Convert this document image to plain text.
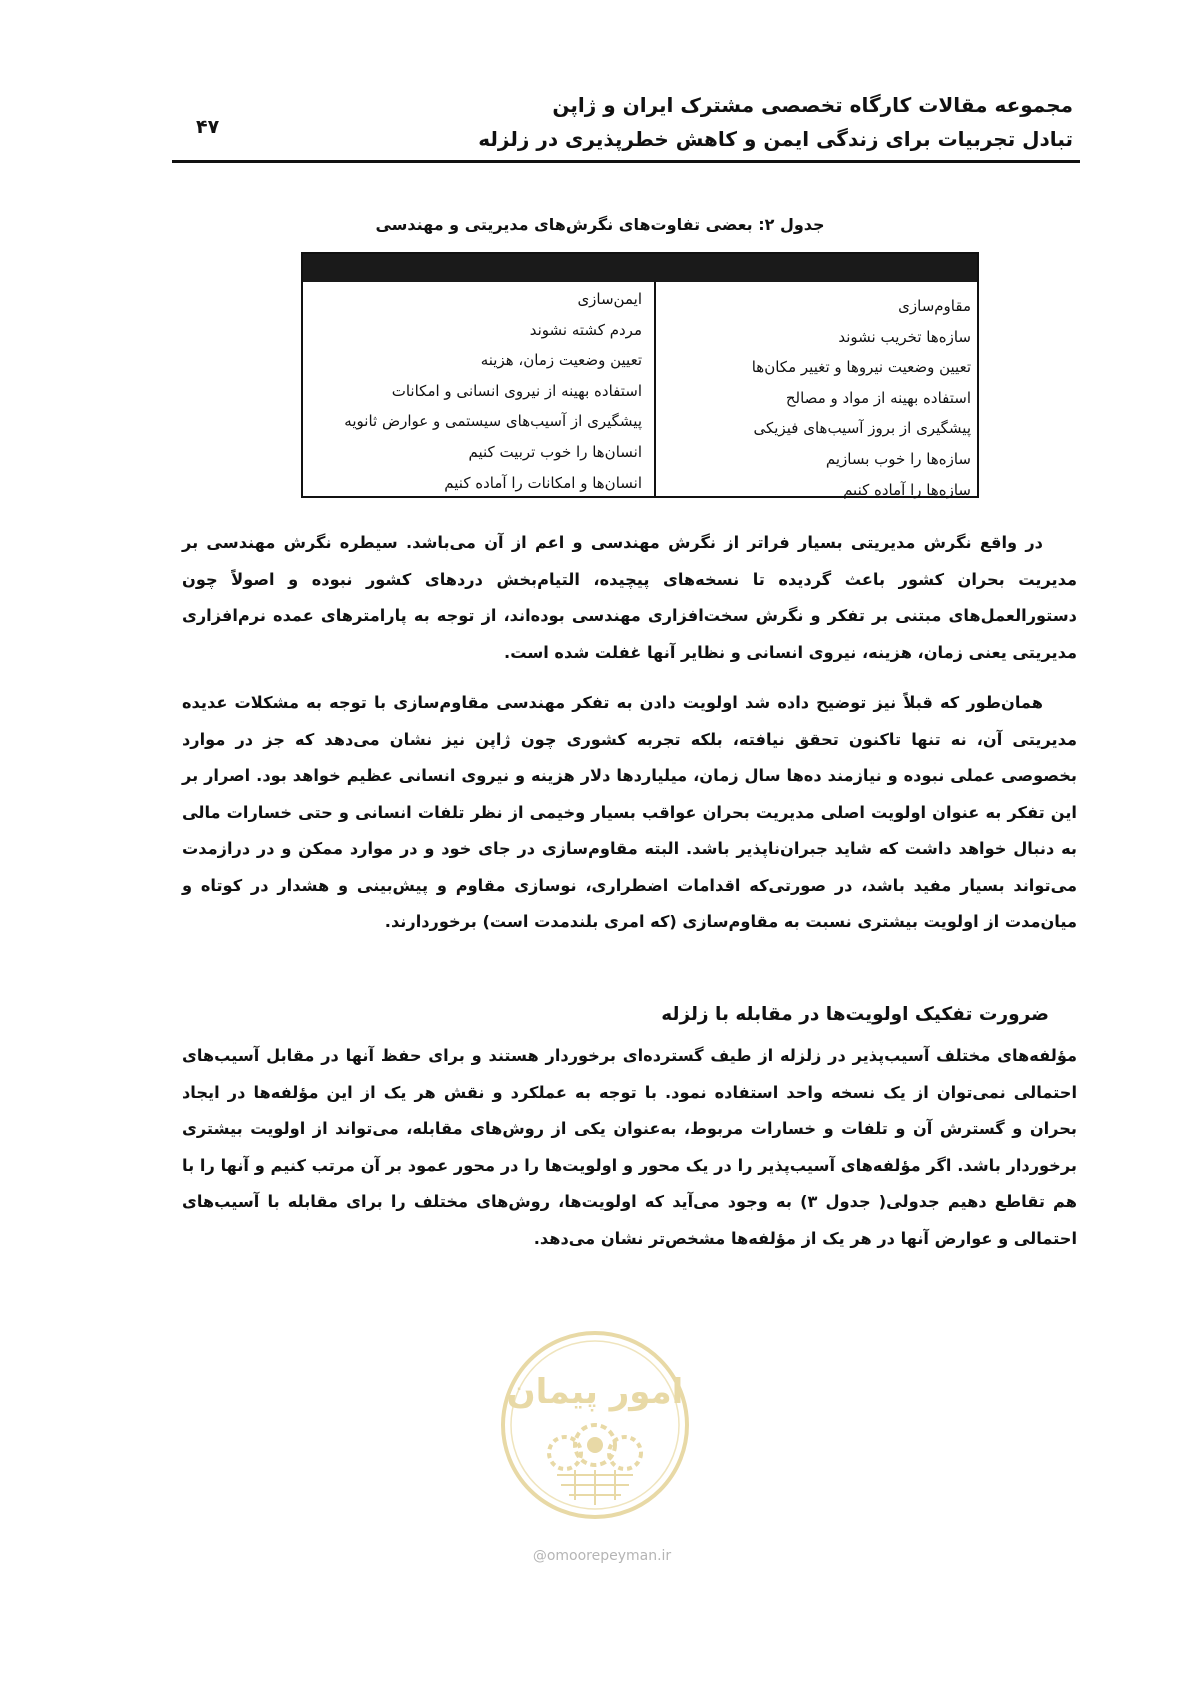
مجموعه مقالات کارگاه تخصصی مشترک ایران و ژاپن
تبادل تجربیات برای زندگی ایمن و کاهش خطرپذیری در زلزله
۴۷
جدول ۲: بعضی تفاوت‌های نگرش‌های مدیریتی و مهندسی
مقاوم‌سازی
سازه‌ها تخریب نشوند
تعیین وضعیت نیروها و تغییر مکان‌ها
استفاده بهینه از مواد و مصالح
پیشگیری از بروز آسیب‌های فیزیکی
سازه‌ها را خوب بسازیم
سازه‌ها را آماده کنیم
ایمن‌سازی
مردم کشته نشوند
تعیین وضعیت زمان، هزینه
استفاده بهینه از نیروی انسانی و امکانات
پیشگیری از آسیب‌های سیستمی و عوارض ثانویه
انسان‌ها را خوب تربیت کنیم
انسان‌ها و امکانات را آماده کنیم

در واقع نگرش مدیریتی بسیار فراتر از نگرش مهندسی و اعم از آن می‌باشد. سیطره نگرش مهندسی بر مدیریت بحران کشور باعث گردیده تا نسخه‌های پیچیده، التیام‌بخش دردهای کشور نبوده و اصولاً چون دستورالعمل‌های مبتنی بر تفکر و نگرش سخت‌افزاری مهندسی بوده‌اند، از توجه به پارامترهای عمده نرم‌افزاری مدیریتی یعنی زمان، هزینه، نیروی انسانی و نظایر آنها غفلت شده است.

همان‌طور که قبلاً نیز توضیح داده شد اولویت دادن به تفکر مهندسی مقاوم‌سازی با توجه به مشکلات عدیده مدیریتی آن، نه تنها تاکنون تحقق نیافته، بلکه تجربه کشوری چون ژاپن نیز نشان می‌دهد که جز در موارد بخصوصی عملی نبوده و نیازمند ده‌ها سال زمان، میلیاردها دلار هزینه و نیروی انسانی عظیم خواهد بود. اصرار بر این تفکر به عنوان اولویت اصلی مدیریت بحران عواقب بسیار وخیمی از نظر تلفات انسانی و حتی خسارات مالی به دنبال خواهد داشت که شاید جبران‌ناپذیر باشد. البته مقاوم‌سازی در جای خود و در موارد ممکن و در درازمدت می‌تواند بسیار مفید باشد، در صورتی‌که اقدامات اضطراری، نوسازی مقاوم و پیش‌بینی و هشدار در کوتاه و میان‌مدت از اولویت بیشتری نسبت به مقاوم‌سازی (که امری بلندمدت است) برخوردارند.

ضرورت تفکیک اولویت‌ها در مقابله با زلزله

مؤلفه‌های مختلف آسیب‌پذیر در زلزله از طیف گسترده‌ای برخوردار هستند و برای حفظ آنها در مقابل آسیب‌های احتمالی نمی‌توان از یک نسخه واحد استفاده نمود. با توجه به عملکرد و نقش هر یک از این مؤلفه‌ها در ایجاد بحران و گسترش آن و تلفات و خسارات مربوط، به‌عنوان یکی از روش‌های مقابله، می‌تواند از اولویت بیشتری برخوردار باشد. اگر مؤلفه‌های آسیب‌پذیر را در یک محور و اولویت‌ها را در محور عمود بر آن مرتب کنیم و آنها را با هم تقاطع دهیم جدولی( جدول ۳) به وجود می‌آید که اولویت‌ها، روش‌های مختلف را برای مقابله با آسیب‌های احتمالی و عوارض آنها در هر یک از مؤلفه‌ها مشخص‌تر نشان می‌دهد.

امور پیمان
@omoorepeyman.ir
